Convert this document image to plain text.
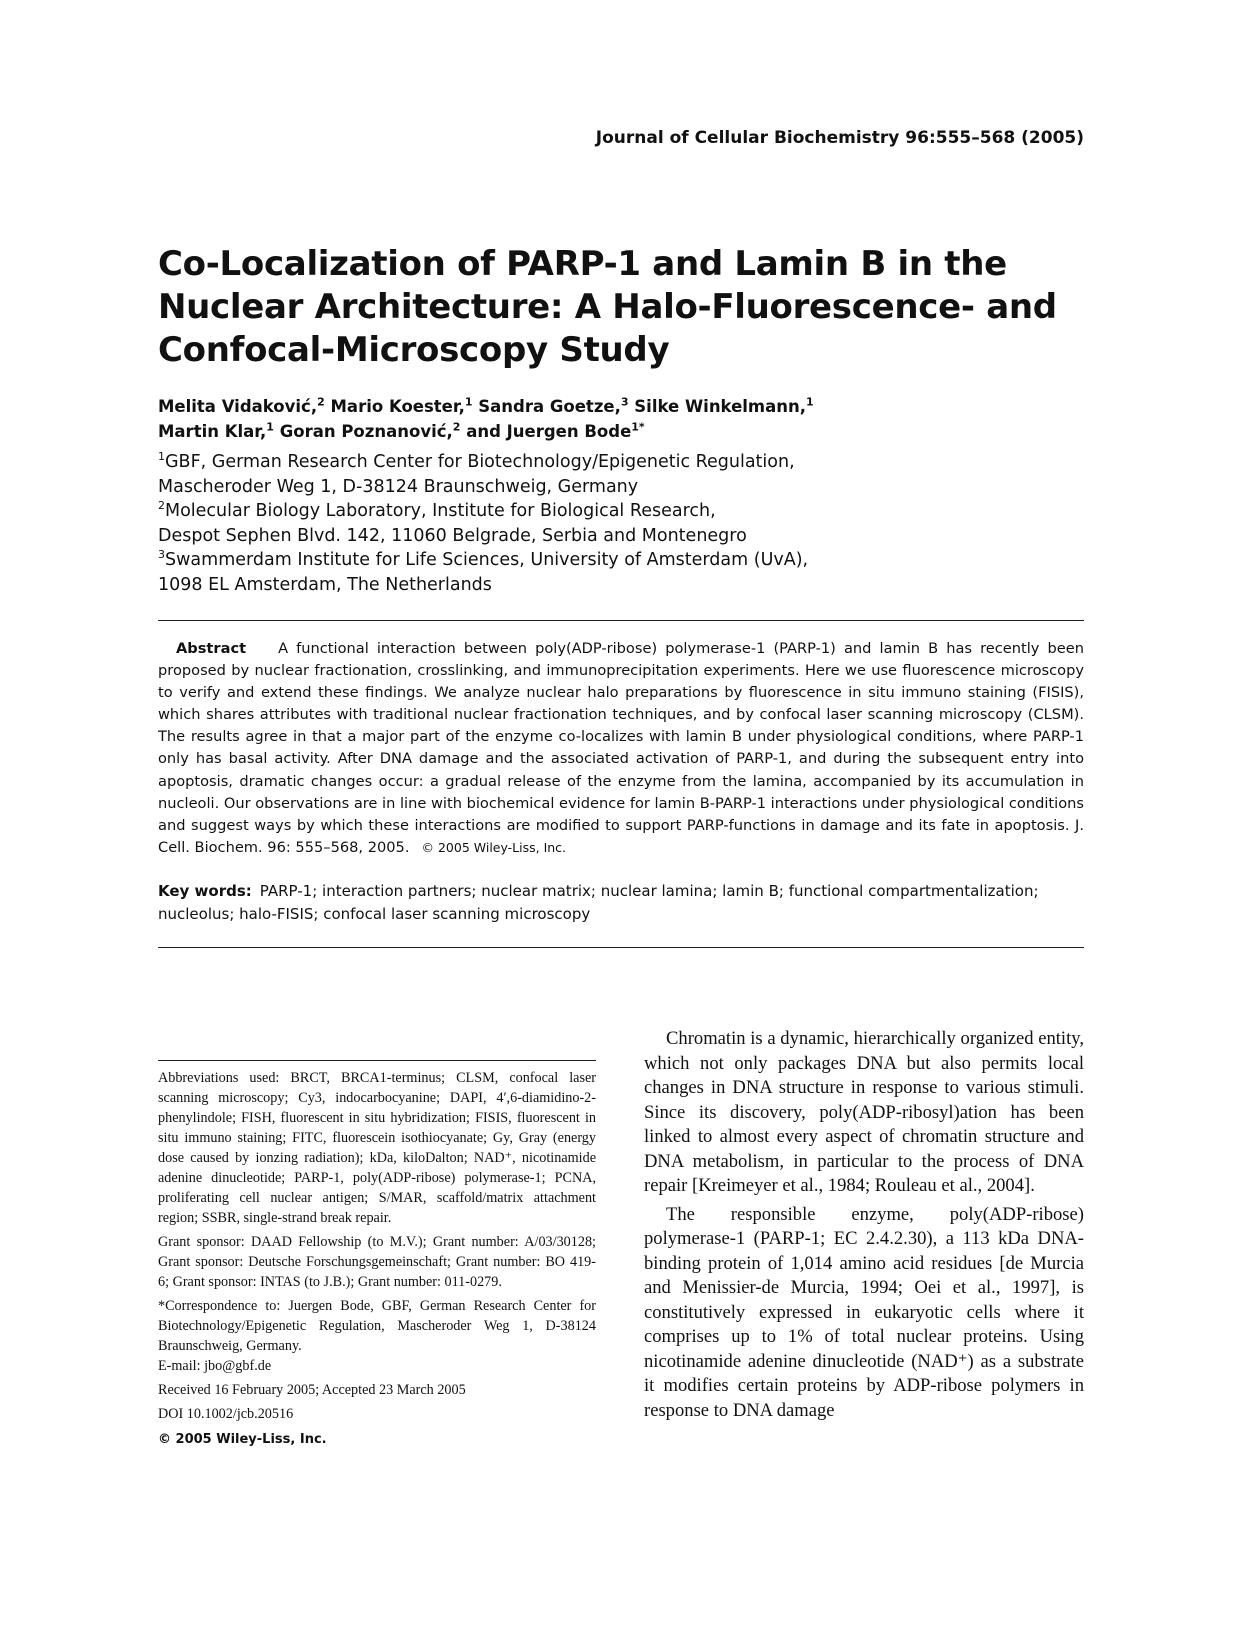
Journal of Cellular Biochemistry 96:555–568 (2005)
Co-Localization of PARP-1 and Lamin B in the
Nuclear Architecture: A Halo-Fluorescence- and
Confocal-Microscopy Study
Melita Vidaković,$^2$ Mario Koester,$^1$ Sandra Goetze,$^3$ Silke Winkelmann,$^1$
Martin Klar,$^1$ Goran Poznanović,$^2$ and Juergen Bode$^{1*}$
$^1$GBF, German Research Center for Biotechnology/Epigenetic Regulation,
Mascheroder Weg 1, D-38124 Braunschweig, Germany
$^2$Molecular Biology Laboratory, Institute for Biological Research,
Despot Sephen Blvd. 142, 11060 Belgrade, Serbia and Montenegro
$^3$Swammerdam Institute for Life Sciences, University of Amsterdam (UvA),
1098 EL Amsterdam, The Netherlands
Abstract A functional interaction between poly(ADP-ribose) polymerase-1 (PARP-1) and lamin B has recently been proposed by nuclear fractionation, crosslinking, and immunoprecipitation experiments. Here we use fluorescence microscopy to verify and extend these findings. We analyze nuclear halo preparations by fluorescence in situ immuno staining (FISIS), which shares attributes with traditional nuclear fractionation techniques, and by confocal laser scanning microscopy (CLSM). The results agree in that a major part of the enzyme co-localizes with lamin B under physiological conditions, where PARP-1 only has basal activity. After DNA damage and the associated activation of PARP-1, and during the subsequent entry into apoptosis, dramatic changes occur: a gradual release of the enzyme from the lamina, accompanied by its accumulation in nucleoli. Our observations are in line with biochemical evidence for lamin B-PARP-1 interactions under physiological conditions and suggest ways by which these interactions are modified to support PARP-functions in damage and its fate in apoptosis. J. Cell. Biochem. 96: 555–568, 2005. © 2005 Wiley-Liss, Inc.
Key words: PARP-1; interaction partners; nuclear matrix; nuclear lamina; lamin B; functional compartmentalization; nucleolus; halo-FISIS; confocal laser scanning microscopy

Abbreviations used: BRCT, BRCA1-terminus; CLSM, confocal laser scanning microscopy; Cy3, indocarbocyanine; DAPI, 4′,6-diamidino-2-phenylindole; FISH, fluorescent in situ hybridization; FISIS, fluorescent in situ immuno staining; FITC, fluorescein isothiocyanate; Gy, Gray (energy dose caused by ionzing radiation); kDa, kiloDalton; NAD⁺, nicotinamide adenine dinucleotide; PARP-1, poly(ADP-ribose) polymerase-1; PCNA, proliferating cell nuclear antigen; S/MAR, scaffold/matrix attachment region; SSBR, single-strand break repair.

Grant sponsor: DAAD Fellowship (to M.V.); Grant number: A/03/30128; Grant sponsor: Deutsche Forschungsgemeinschaft; Grant number: BO 419-6; Grant sponsor: INTAS (to J.B.); Grant number: 011-0279.

*Correspondence to: Juergen Bode, GBF, German Research Center for Biotechnology/Epigenetic Regulation, Mascheroder Weg 1, D-38124 Braunschweig, Germany.
E-mail: jbo@gbf.de

Received 16 February 2005; Accepted 23 March 2005

DOI 10.1002/jcb.20516

© 2005 Wiley-Liss, Inc.

Chromatin is a dynamic, hierarchically organized entity, which not only packages DNA but also permits local changes in DNA structure in response to various stimuli. Since its discovery, poly(ADP-ribosyl)ation has been linked to almost every aspect of chromatin structure and DNA metabolism, in particular to the process of DNA repair [Kreimeyer et al., 1984; Rouleau et al., 2004].

The responsible enzyme, poly(ADP-ribose) polymerase-1 (PARP-1; EC 2.4.2.30), a 113 kDa DNA-binding protein of 1,014 amino acid residues [de Murcia and Menissier-de Murcia, 1994; Oei et al., 1997], is constitutively expressed in eukaryotic cells where it comprises up to 1% of total nuclear proteins. Using nicotinamide adenine dinucleotide (NAD⁺) as a substrate it modifies certain proteins by ADP-ribose polymers in response to DNA damage
